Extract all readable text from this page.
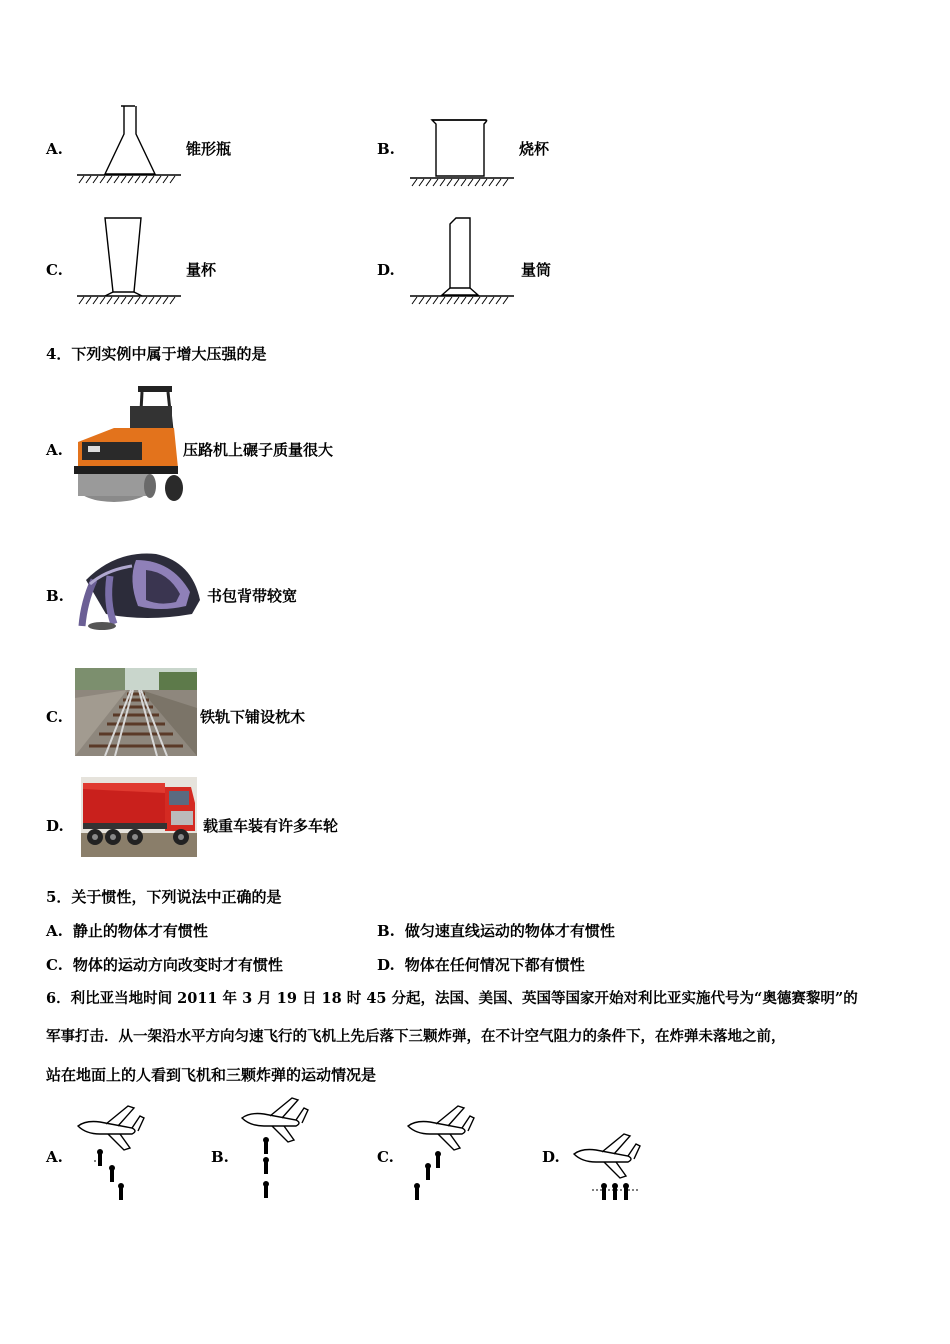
A.	锥形瓶	B.	烧杯
C.	量杯	D.	量筒
4．下列实例中属于增大压强的是
A.	压路机上碾子质量很大
B.	书包背带较宽
C.	铁轨下铺设枕木
D.	载重车装有许多车轮
5．关于惯性，下列说法中正确的是
A. 静止的物体才有惯性	B. 做匀速直线运动的物体才有惯性
C. 物体的运动方向改变时才有惯性	D. 物体在任何情况下都有惯性
6．利比亚当地时间 2011 年 3 月 19 日 18 时 45 分起，法国、美国、英国等国家开始对利比亚实施代号为“奥德赛黎明”的
军事打击．从一架沿水平方向匀速飞行的飞机上先后落下三颗炸弹，在不计空气阻力的条件下，在炸弹未落地之前，
站在地面上的人看到飞机和三颗炸弹的运动情况是
A.	B.	C.	D.
